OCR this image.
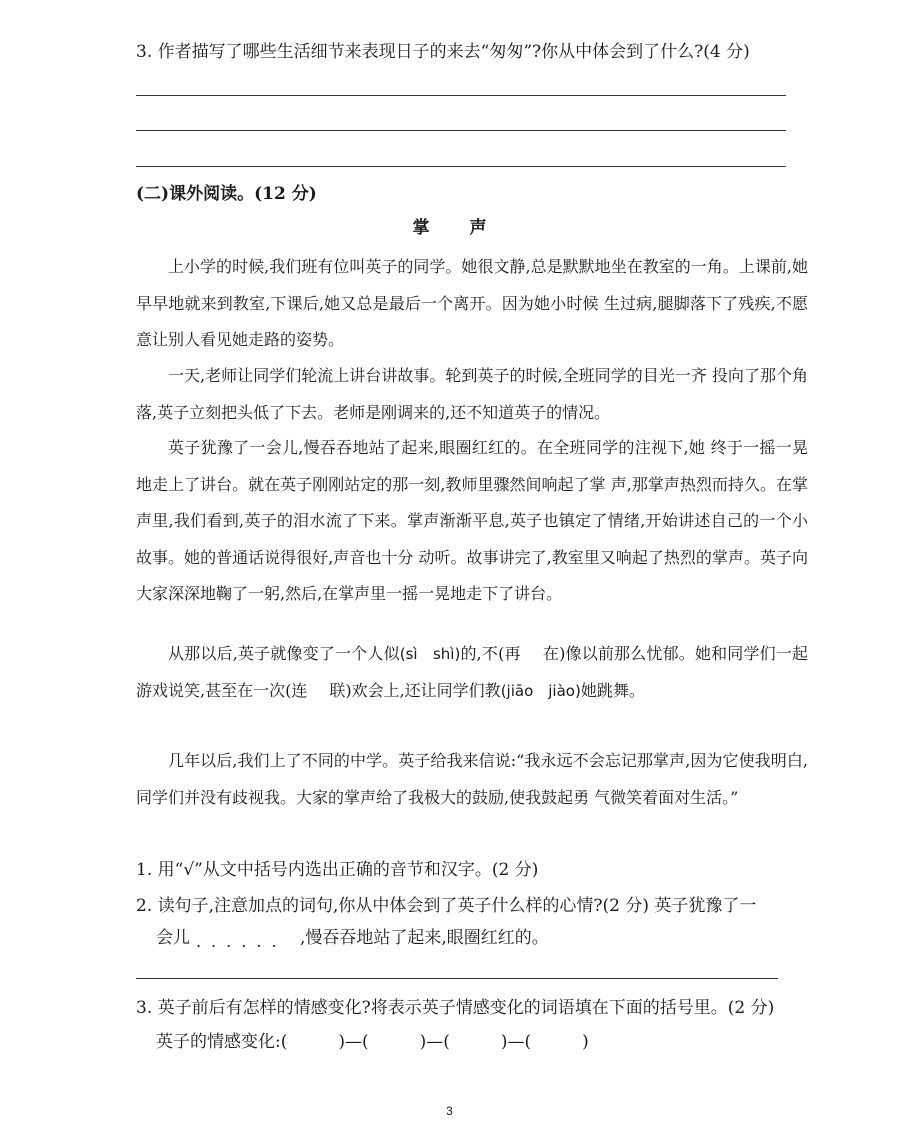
3. 作者描写了哪些生活细节来表现日子的来去“匆匆”?你从中体会到了什么?(4 分)
(二)课外阅读。(12 分)
掌声
上小学的时候,我们班有位叫英子的同学。她很文静,总是默默地坐在教室的一角。上课前,她早早地就来到教室,下课后,她又总是最后一个离开。因为她小时候 生过病,腿脚落下了残疾,不愿意让别人看见她走路的姿势。
一天,老师让同学们轮流上讲台讲故事。轮到英子的时候,全班同学的目光一齐 投向了那个角落,英子立刻把头低了下去。老师是刚调来的,还不知道英子的情况。
英子犹豫了一会儿,慢吞吞地站了起来,眼圈红红的。在全班同学的注视下,她 终于一摇一晃地走上了讲台。就在英子刚刚站定的那一刻,教师里骤然间响起了掌 声,那掌声热烈而持久。在掌声里,我们看到,英子的泪水流了下来。掌声渐渐平息,英子也镇定了情绪,开始讲述自己的一个小故事。她的普通话说得很好,声音也十分 动听。故事讲完了,教室里又响起了热烈的掌声。英子向大家深深地鞠了一躬,然后,在掌声里一摇一晃地走下了讲台。
从那以后,英子就像变了一个人似(sì　shì)的,不(再 在)像以前那么忧郁。她和同学们一起游戏说笑,甚至在一次(连 联)欢会上,还让同学们教(jiāo　jiào)她跳舞。
几年以后,我们上了不同的中学。英子给我来信说:“我永远不会忘记那掌声,因为它使我明白,同学们并没有歧视我。大家的掌声给了我极大的鼓励,使我鼓起勇 气微笑着面对生活。”
1. 用“√”从文中括号内选出正确的音节和汉字。(2 分)
2. 读句子,注意加点的词句,你从中体会到了英子什么样的心情?(2 分) 英子犹豫了一
会儿	,慢吞吞地站了起来,眼圈红红的。
......
3. 英子前后有怎样的情感变化?将表示英子情感变化的词语填在下面的括号里。(2 分)
英子的情感变化:(　　　)—(　　　)—(　　　)—(　　　)
3
